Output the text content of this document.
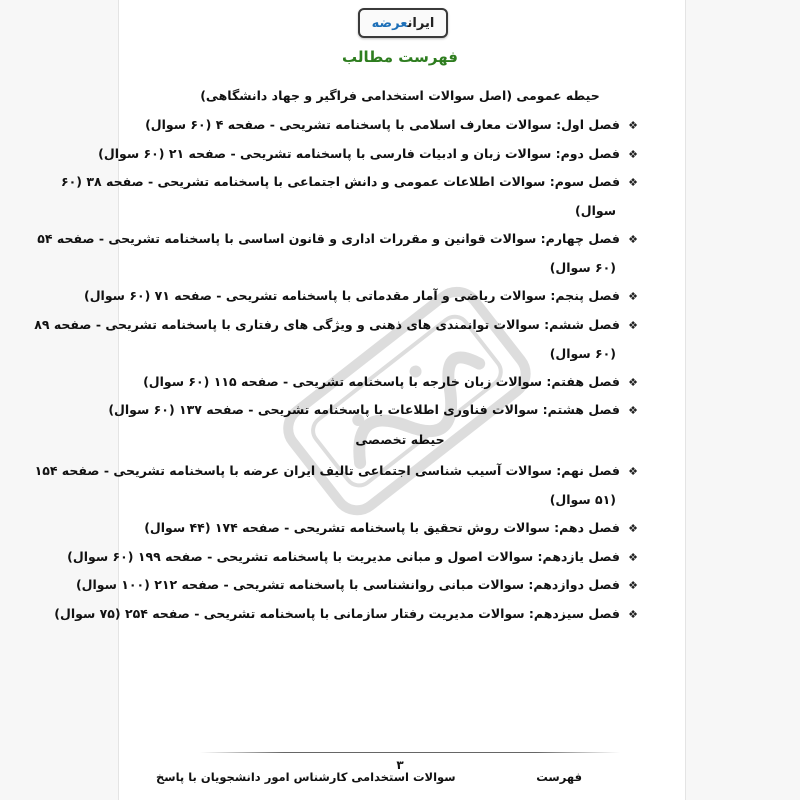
ایرانعرضه
فهرست مطالب
حیطه عمومی (اصل سوالات استخدامی فراگیر و جهاد دانشگاهی)
❖فصل اول: سوالات معارف اسلامی با پاسخنامه تشریحی - صفحه ۴ (۶۰ سوال)
❖فصل دوم: سوالات زبان و ادبیات فارسی با پاسخنامه تشریحی - صفحه ۲۱ (۶۰ سوال)
❖فصل سوم: سوالات اطلاعات عمومی و دانش اجتماعی با پاسخنامه تشریحی - صفحه ۳۸ (۶۰
سوال)
❖فصل چهارم: سوالات قوانین و مقررات اداری و قانون اساسی با پاسخنامه تشریحی - صفحه ۵۴
(۶۰ سوال)
❖فصل پنجم: سوالات ریاضی و آمار مقدماتی با پاسخنامه تشریحی - صفحه ۷۱ (۶۰ سوال)
❖فصل ششم: سوالات توانمندی های ذهنی و ویژگی های رفتاری با پاسخنامه تشریحی - صفحه ۸۹
(۶۰ سوال)
❖فصل هفتم: سوالات زبان خارجه با پاسخنامه تشریحی - صفحه ۱۱۵ (۶۰ سوال)
❖فصل هشتم: سوالات فناوری اطلاعات با پاسخنامه تشریحی - صفحه ۱۳۷ (۶۰ سوال)
حیطه تخصصی
❖فصل نهم: سوالات آسیب شناسی اجتماعی تالیف ایران عرضه با پاسخنامه تشریحی - صفحه ۱۵۴
(۵۱ سوال)
❖فصل دهم: سوالات روش تحقیق با پاسخنامه تشریحی - صفحه ۱۷۴ (۴۴ سوال)
❖فصل یازدهم: سوالات اصول و مبانی مدیریت با پاسخنامه تشریحی - صفحه ۱۹۹ (۶۰ سوال)
❖فصل دوازدهم: سوالات مبانی روانشناسی با پاسخنامه تشریحی - صفحه ۲۱۲ (۱۰۰ سوال)
❖فصل سیزدهم: سوالات مدیریت رفتار سازمانی با پاسخنامه تشریحی - صفحه ۲۵۴ (۷۵ سوال)
۳
فهرست
سوالات استخدامی کارشناس امور دانشجویان با پاسخ
